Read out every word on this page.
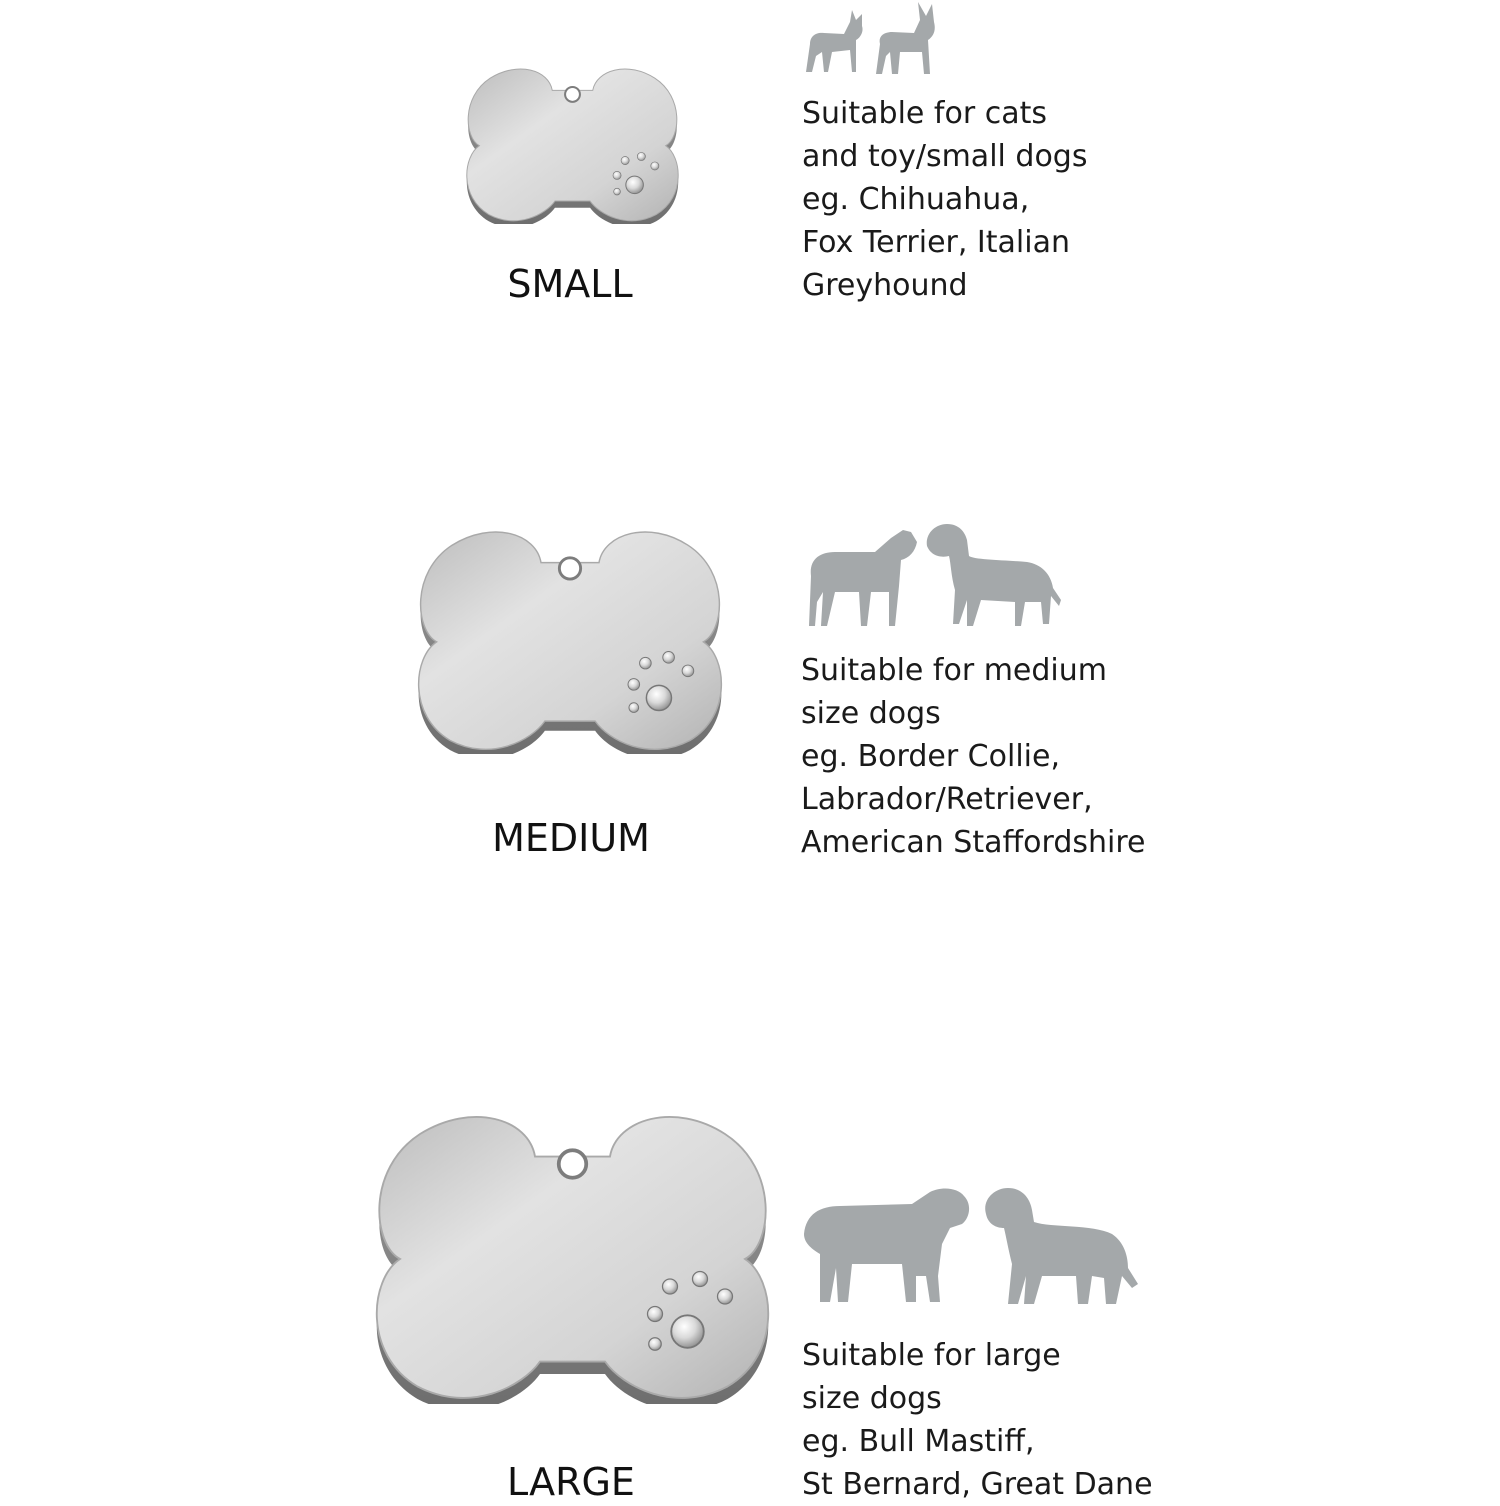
SMALL
Suitable for cats
and toy/small dogs
eg. Chihuahua,
Fox Terrier, Italian
Greyhound
MEDIUM
Suitable for medium
size dogs
eg. Border Collie,
Labrador/Retriever,
American Staffordshire
LARGE
Suitable for large
size dogs
eg. Bull Mastiff,
St Bernard, Great Dane
